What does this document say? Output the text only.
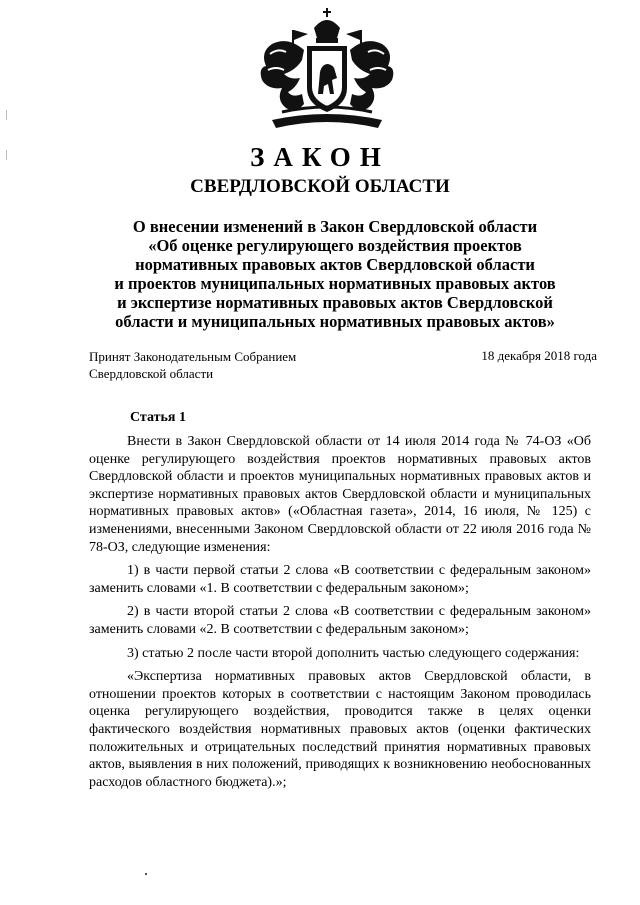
ЗАКОН
СВЕРДЛОВСКОЙ ОБЛАСТИ
О внесении изменений в Закон Свердловской области
«Об оценке регулирующего воздействия проектов
нормативных правовых актов Свердловской области
и проектов муниципальных нормативных правовых актов
и экспертизе нормативных правовых актов Свердловской
области и муниципальных нормативных правовых актов»
Принят Законодательным Собранием
Свердловской области
18 декабря 2018 года
Статья 1

Внести в Закон Свердловской области от 14 июля 2014 года № 74-ОЗ «Об оценке регулирующего воздействия проектов нормативных правовых актов Свердловской области и проектов муниципальных нормативных правовых актов и экспертизе нормативных правовых актов Свердловской области и муниципальных нормативных правовых актов» («Областная газета», 2014, 16 июля, № 125) с изменениями, внесенными Законом Свердловской области от 22 июля 2016 года № 78-ОЗ, следующие изменения:

1) в части первой статьи 2 слова «В соответствии с федеральным законом» заменить словами «1. В соответствии с федеральным законом»;

2) в части второй статьи 2 слова «В соответствии с федеральным законом» заменить словами «2. В соответствии с федеральным законом»;

3) статью 2 после части второй дополнить частью следующего содержания:

«Экспертиза нормативных правовых актов Свердловской области, в отношении проектов которых в соответствии с настоящим Законом проводилась оценка регулирующего воздействия, проводится также в целях оценки фактического воздействия нормативных правовых актов (оценки фактических положительных и отрицательных последствий принятия нормативных правовых актов, выявления в них положений, приводящих к возникновению необоснованных расходов областного бюджета).»;
